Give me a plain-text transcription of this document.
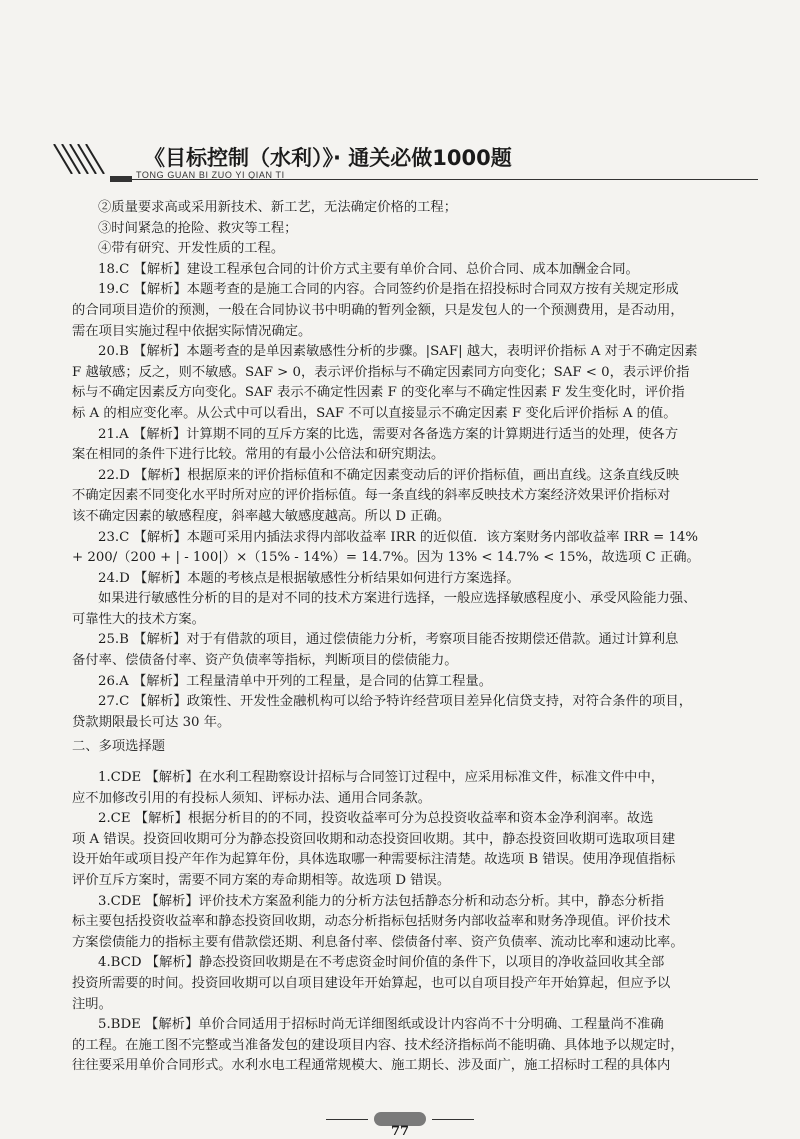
《目标控制（水利）》· 通关必做1000题
TONG GUAN BI ZUO YI QIAN TI
②质量要求高或采用新技术、新工艺，无法确定价格的工程；
③时间紧急的抢险、救灾等工程；
④带有研究、开发性质的工程。
18.C 【解析】建设工程承包合同的计价方式主要有单价合同、总价合同、成本加酬金合同。
19.C 【解析】本题考查的是施工合同的内容。合同签约价是指在招投标时合同双方按有关规定形成
的合同项目造价的预测，一般在合同协议书中明确的暂列金额，只是发包人的一个预测费用，是否动用，
需在项目实施过程中依据实际情况确定。
20.B 【解析】本题考查的是单因素敏感性分析的步骤。|SAF| 越大，表明评价指标 A 对于不确定因素
F 越敏感；反之，则不敏感。SAF > 0，表示评价指标与不确定因素同方向变化；SAF < 0，表示评价指
标与不确定因素反方向变化。SAF 表示不确定性因素 F 的变化率与不确定性因素 F 发生变化时，评价指
标 A 的相应变化率。从公式中可以看出，SAF 不可以直接显示不确定因素 F 变化后评价指标 A 的值。
21.A 【解析】计算期不同的互斥方案的比选，需要对各备选方案的计算期进行适当的处理，使各方
案在相同的条件下进行比较。常用的有最小公倍法和研究期法。
22.D 【解析】根据原来的评价指标值和不确定因素变动后的评价指标值，画出直线。这条直线反映
不确定因素不同变化水平时所对应的评价指标值。每一条直线的斜率反映技术方案经济效果评价指标对
该不确定因素的敏感程度，斜率越大敏感度越高。所以 D 正确。
23.C 【解析】本题可采用内插法求得内部收益率 IRR 的近似值．该方案财务内部收益率 IRR = 14%
+ 200/（200 + | - 100|）×（15% - 14%）= 14.7%。因为 13% < 14.7% < 15%，故选项 C 正确。
24.D 【解析】本题的考核点是根据敏感性分析结果如何进行方案选择。
如果进行敏感性分析的目的是对不同的技术方案进行选择，一般应选择敏感程度小、承受风险能力强、
可靠性大的技术方案。
25.B 【解析】对于有借款的项目，通过偿债能力分析，考察项目能否按期偿还借款。通过计算利息
备付率、偿债备付率、资产负债率等指标，判断项目的偿债能力。
26.A 【解析】工程量清单中开列的工程量，是合同的估算工程量。
27.C 【解析】政策性、开发性金融机构可以给予特许经营项目差异化信贷支持，对符合条件的项目，
贷款期限最长可达 30 年。
二、多项选择题
1.CDE 【解析】在水利工程勘察设计招标与合同签订过程中，应采用标准文件，标准文件中中，
应不加修改引用的有投标人须知、评标办法、通用合同条款。
2.CE 【解析】根据分析目的的不同，投资收益率可分为总投资收益率和资本金净利润率。故选
项 A 错误。投资回收期可分为静态投资回收期和动态投资回收期。其中，静态投资回收期可选取项目建
设开始年或项目投产年作为起算年份，具体选取哪一种需要标注清楚。故选项 B 错误。使用净现值指标
评价互斥方案时，需要不同方案的寿命期相等。故选项 D 错误。
3.CDE 【解析】评价技术方案盈利能力的分析方法包括静态分析和动态分析。其中，静态分析指
标主要包括投资收益率和静态投资回收期，动态分析指标包括财务内部收益率和财务净现值。评价技术
方案偿债能力的指标主要有借款偿还期、利息备付率、偿债备付率、资产负债率、流动比率和速动比率。
4.BCD 【解析】静态投资回收期是在不考虑资金时间价值的条件下，以项目的净收益回收其全部
投资所需要的时间。投资回收期可以自项目建设年开始算起，也可以自项目投产年开始算起，但应予以
注明。
5.BDE 【解析】单价合同适用于招标时尚无详细图纸或设计内容尚不十分明确、工程量尚不准确
的工程。在施工图不完整或当准备发包的建设项目内容、技术经济指标尚不能明确、具体地予以规定时，
往往要采用单价合同形式。水利水电工程通常规模大、施工期长、涉及面广，施工招标时工程的具体内
77
